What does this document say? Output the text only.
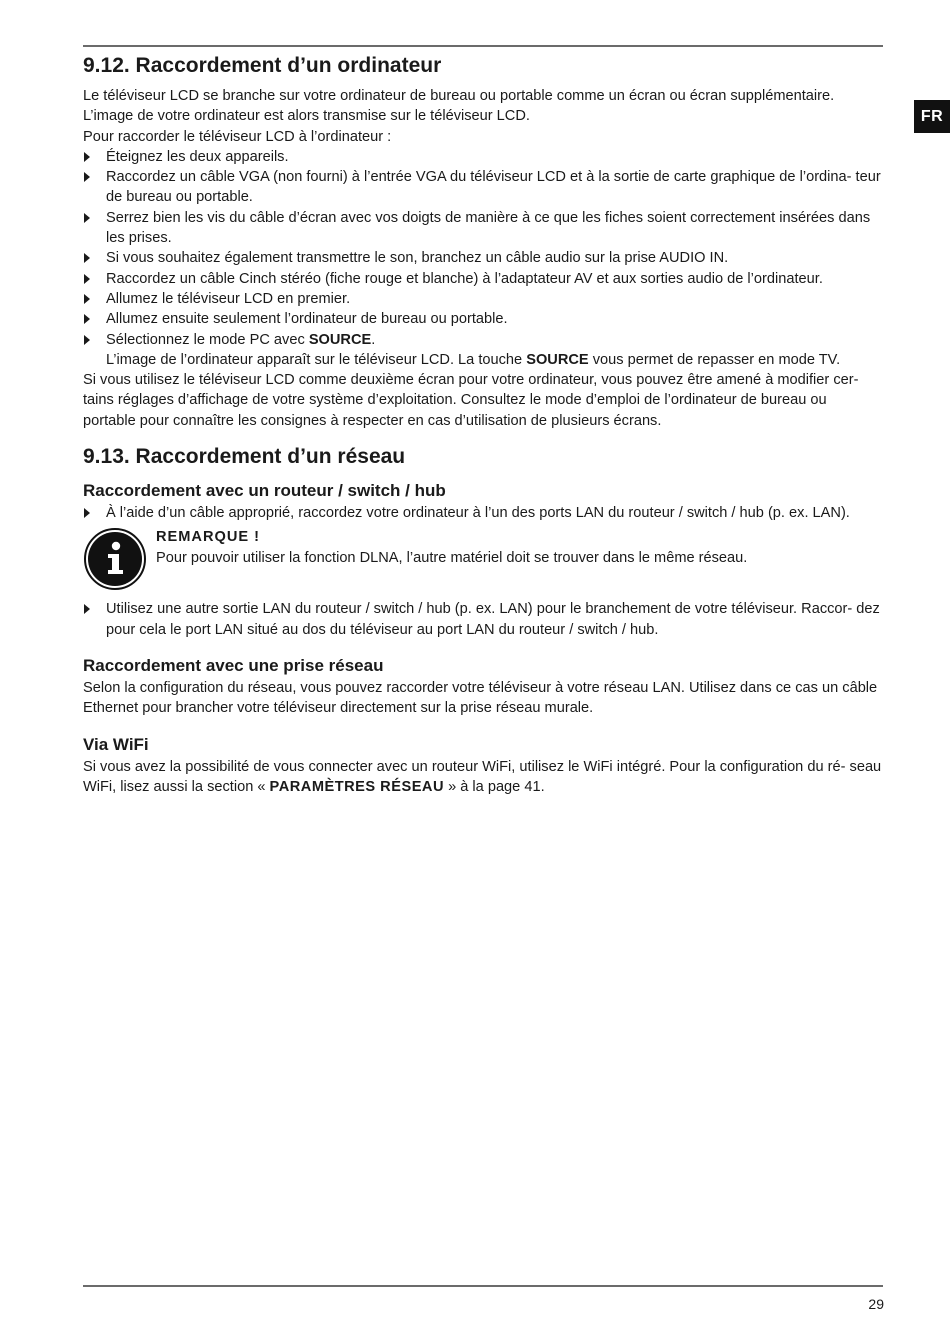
FR
9.12. Raccordement d’un ordinateur

Le téléviseur LCD se branche sur votre ordinateur de bureau ou portable comme un écran ou écran supplémentaire.

L’image de votre ordinateur est alors transmise sur le téléviseur LCD.

Pour raccorder le téléviseur LCD à l’ordinateur :

Éteignez les deux appareils.
Raccordez un câble VGA (non fourni) à l’entrée VGA du téléviseur LCD et à la sortie de carte graphique de l’ordina- teur de bureau ou portable.
Serrez bien les vis du câble d’écran avec vos doigts de manière à ce que les fiches soient correctement insérées dans les prises.
Si vous souhaitez également transmettre le son, branchez un câble audio sur la prise AUDIO IN.
Raccordez un câble Cinch stéréo (fiche rouge et blanche) à l’adaptateur AV et aux sorties audio de l’ordinateur.
Allumez le téléviseur LCD en premier.
Allumez ensuite seulement l’ordinateur de bureau ou portable.
Sélectionnez le mode PC avec SOURCE.
L’image de l’ordinateur apparaît sur le téléviseur LCD. La touche SOURCE vous permet de repasser en mode TV.

Si vous utilisez le téléviseur LCD comme deuxième écran pour votre ordinateur, vous pouvez être amené à modifier cer- tains réglages d’affichage de votre système d’exploitation. Consultez le mode d’emploi de l’ordinateur de bureau ou portable pour connaître les consignes à respecter en cas d’utilisation de plusieurs écrans.

9.13. Raccordement d’un réseau
Raccordement avec un routeur / switch / hub
À l’aide d’un câble approprié, raccordez votre ordinateur à l’un des ports LAN du routeur / switch / hub (p. ex. LAN).
REMARQUE !
Pour pouvoir utiliser la fonction DLNA, l’autre matériel doit se trouver dans le même réseau.
Utilisez une autre sortie LAN du routeur / switch / hub (p. ex. LAN) pour le branchement de votre téléviseur. Raccor- dez pour cela le port LAN situé au dos du téléviseur au port LAN du routeur / switch / hub.
Raccordement avec une prise réseau

Selon la configuration du réseau, vous pouvez raccorder votre téléviseur à votre réseau LAN. Utilisez dans ce cas un câble Ethernet pour brancher votre téléviseur directement sur la prise réseau murale.

Via WiFi

Si vous avez la possibilité de vous connecter avec un routeur WiFi, utilisez le WiFi intégré. Pour la configuration du ré- seau WiFi, lisez aussi la section « PARAMÈTRES RÉSEAU » à la page 41.

29
